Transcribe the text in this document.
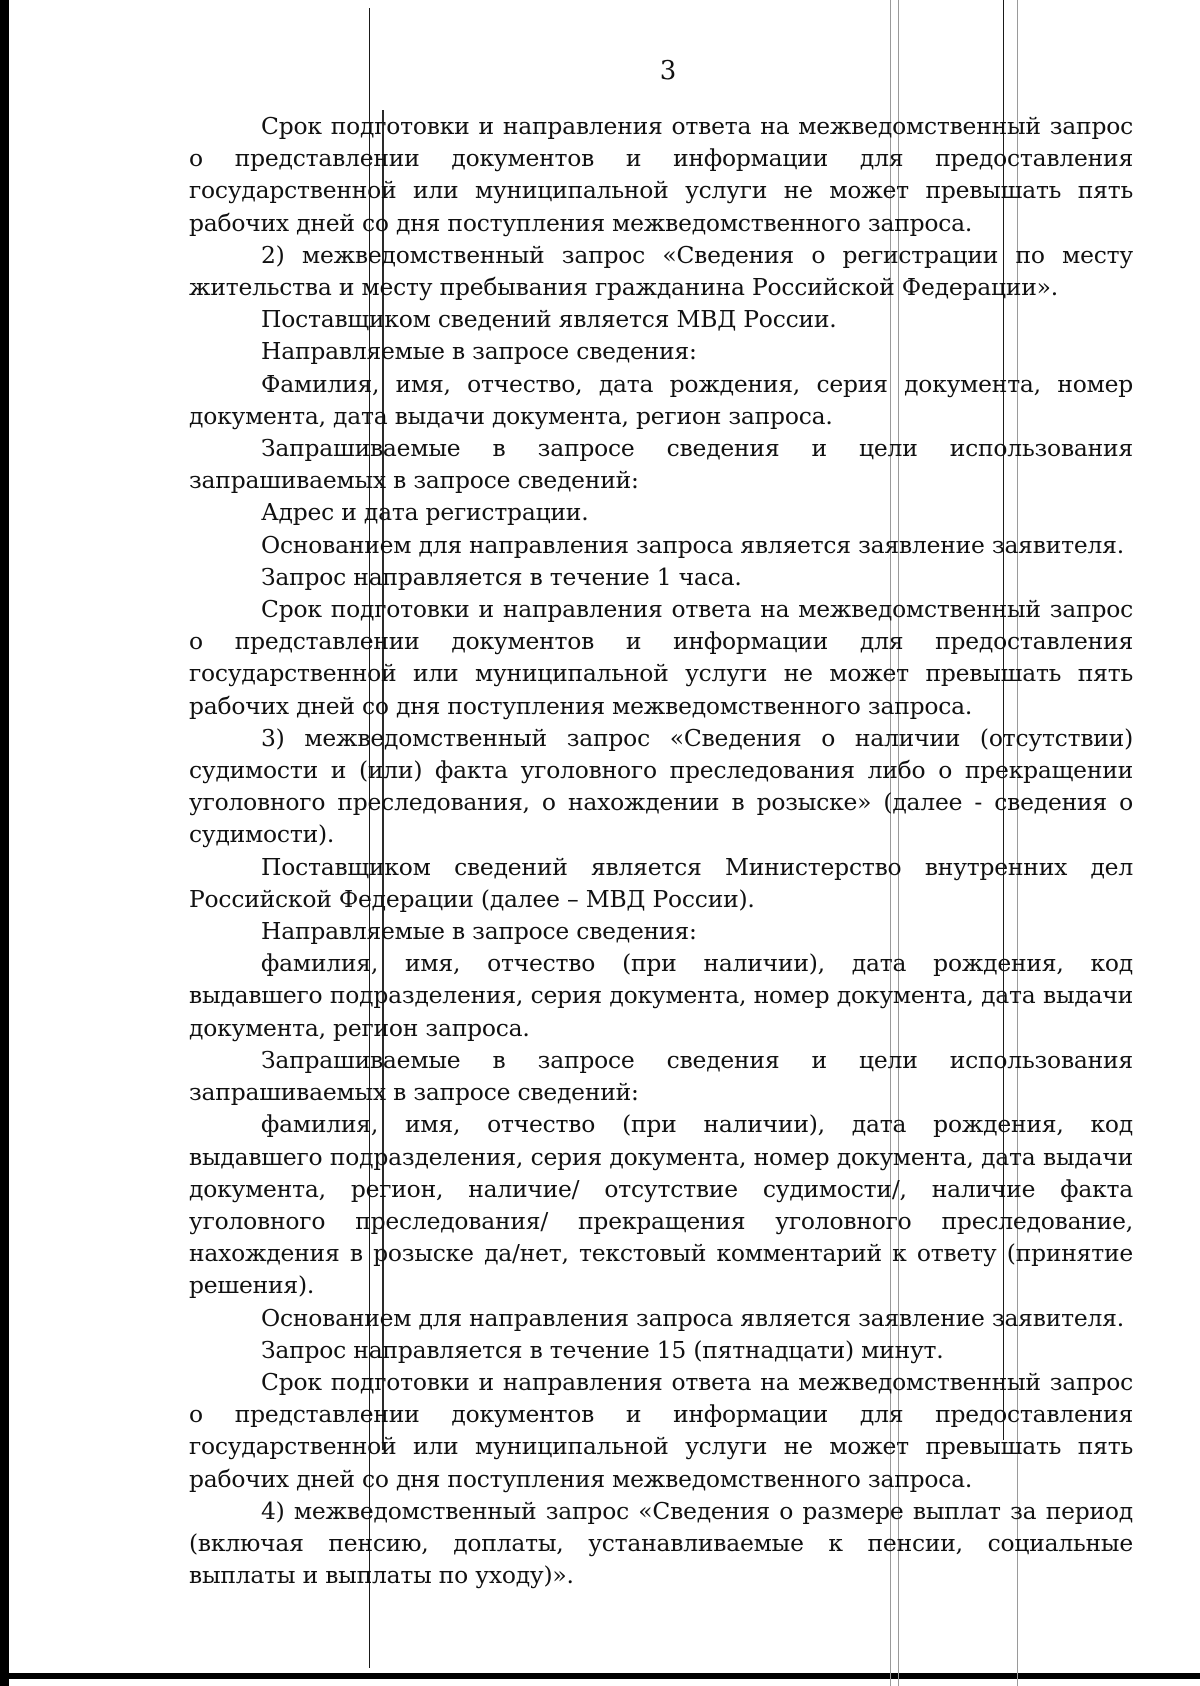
3

Срок подготовки и направления ответа на межведомственный запрос о представлении документов и информации для предоставления государственной или муниципальной услуги не может превышать пять рабочих дней со дня поступления межведомственного запроса.

2) межведомственный запрос «Сведения о регистрации по месту жительства и месту пребывания гражданина Российской Федерации».

Поставщиком сведений является МВД России.

Направляемые в запросе сведения:

Фамилия, имя, отчество, дата рождения, серия документа, номер документа, дата выдачи документа, регион запроса.

Запрашиваемые в запросе сведения и цели использования запрашиваемых в запросе сведений:

Адрес и дата регистрации.

Основанием для направления запроса является заявление заявителя.

Запрос направляется в течение 1 часа.

Срок подготовки и направления ответа на межведомственный запрос о представлении документов и информации для предоставления государственной или муниципальной услуги не может превышать пять рабочих дней со дня поступления межведомственного запроса.

3) межведомственный запрос «Сведения о наличии (отсутствии) судимости и (или) факта уголовного преследования либо о прекращении уголовного преследования, о нахождении в розыске» (далее - сведения о судимости).

Поставщиком сведений является Министерство внутренних дел Российской Федерации (далее – МВД России).

Направляемые в запросе сведения:

фамилия, имя, отчество (при наличии), дата рождения, код выдавшего подразделения, серия документа, номер документа, дата выдачи документа, регион запроса.

Запрашиваемые в запросе сведения и цели использования запрашиваемых в запросе сведений:

фамилия, имя, отчество (при наличии), дата рождения, код выдавшего подразделения, серия документа, номер документа, дата выдачи документа, регион, наличие/ отсутствие судимости/, наличие факта уголовного преследования/ прекращения уголовного преследование, нахождения в розыске да/нет, текстовый комментарий к ответу (принятие решения).

Основанием для направления запроса является заявление заявителя.

Запрос направляется в течение 15 (пятнадцати) минут.

Срок подготовки и направления ответа на межведомственный запрос о представлении документов и информации для предоставления государственной или муниципальной услуги не может превышать пять рабочих дней со дня поступления межведомственного запроса.

4) межведомственный запрос «Сведения о размере выплат за период (включая пенсию, доплаты, устанавливаемые к пенсии, социальные выплаты и выплаты по уходу)».
